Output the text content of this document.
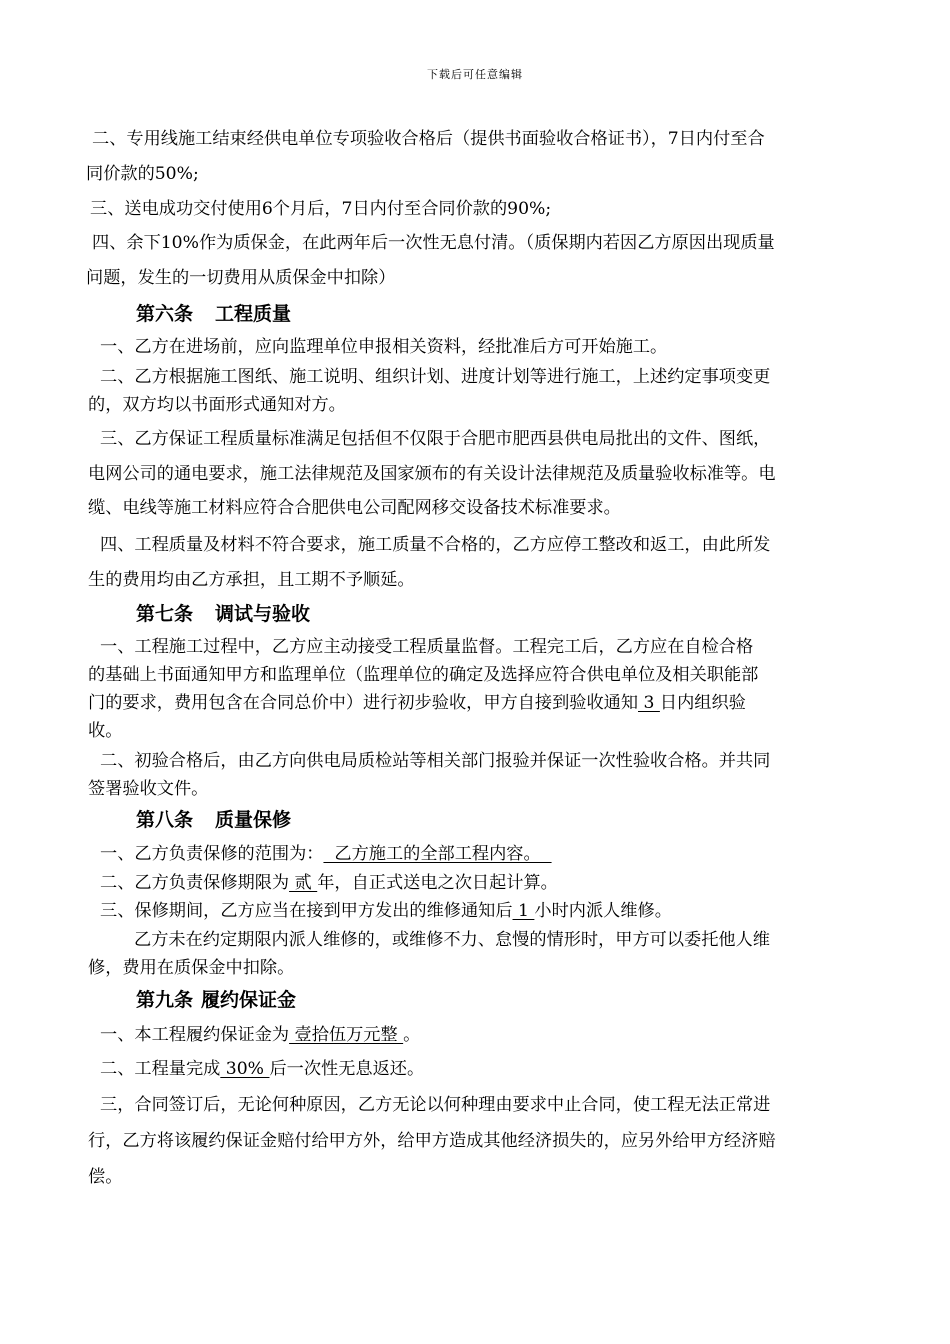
下载后可任意编辑
二、专用线施工结束经供电单位专项验收合格后（提供书面验收合格证书），7日内付至合
同价款的50%;
三、送电成功交付使用6个月后，7日内付至合同价款的90%;
四、余下10%作为质保金，在此两年后一次性无息付清。（质保期内若因乙方原因出现质量
问题，发生的一切费用从质保金中扣除）
第六条 工程质量
一、乙方在进场前，应向监理单位申报相关资料，经批准后方可开始施工。
二、乙方根据施工图纸、施工说明、组织计划、进度计划等进行施工，上述约定事项变更
的，双方均以书面形式通知对方。
三、乙方保证工程质量标准满足包括但不仅限于合肥市肥西县供电局批出的文件、图纸，
电网公司的通电要求，施工法律规范及国家颁布的有关设计法律规范及质量验收标准等。电
缆、电线等施工材料应符合合肥供电公司配网移交设备技术标准要求。
四、工程质量及材料不符合要求，施工质量不合格的，乙方应停工整改和返工，由此所发
生的费用均由乙方承担，且工期不予顺延。
第七条 调试与验收
一、工程施工过程中，乙方应主动接受工程质量监督。工程完工后，乙方应在自检合格
的基础上书面通知甲方和监理单位（监理单位的确定及选择应符合供电单位及相关职能部
门的要求，费用包含在合同总价中）进行初步验收，甲方自接到验收通知 3 日内组织验
收。
二、初验合格后，由乙方向供电局质检站等相关部门报验并保证一次性验收合格。并共同
签署验收文件。
第八条 质量保修
一、乙方负责保修的范围为：  乙方施工的全部工程内容。
二、乙方负责保修期限为 贰 年，自正式送电之次日起计算。
三、保修期间，乙方应当在接到甲方发出的维修通知后 1 小时内派人维修。
乙方未在约定期限内派人维修的，或维修不力、怠慢的情形时，甲方可以委托他人维
修，费用在质保金中扣除。
第九条 履约保证金
一、本工程履约保证金为 壹拾伍万元整 。
二、工程量完成 30% 后一次性无息返还。
三，合同签订后，无论何种原因，乙方无论以何种理由要求中止合同，使工程无法正常进
行，乙方将该履约保证金赔付给甲方外，给甲方造成其他经济损失的，应另外给甲方经济赔
偿。
